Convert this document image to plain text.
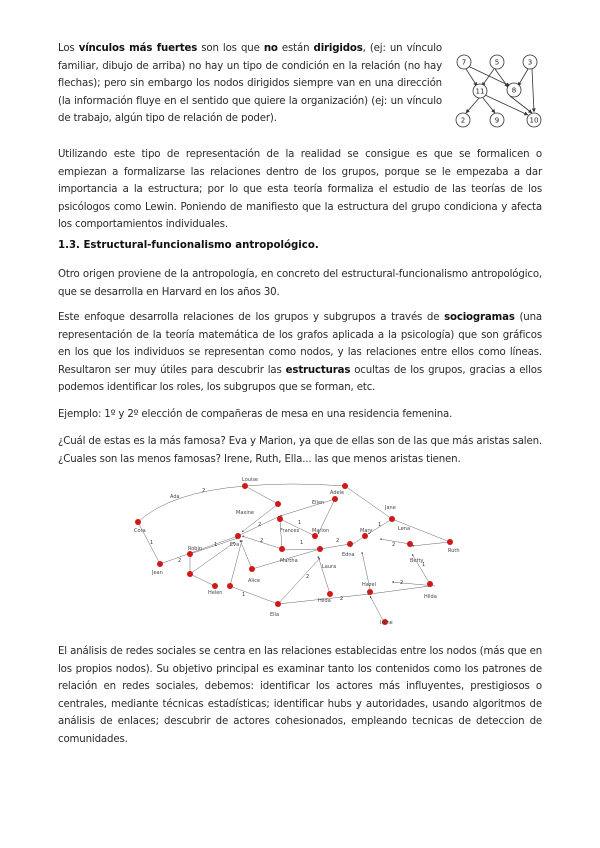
Los vínculos más fuertes son los que no están dirigidos, (ej: un vínculo familiar, dibujo de arriba) no hay un tipo de condición en la relación (no hay flechas); pero sin embargo los nodos dirigidos siempre van en una dirección (la información fluye en el sentido que quiere la organización) (ej: un vínculo de trabajo, algún tipo de relación de poder).

7	5	3
11	8
2	9	10

Utilizando este tipo de representación de la realidad se consigue es que se formalicen o empiezan a formalizarse las relaciones dentro de los grupos, porque se le empezaba a dar importancia a la estructura; por lo que esta teoría formaliza el estudio de las teorías de los psicólogos como Lewin. Poniendo de manifiesto que la estructura del grupo condiciona y afecta los comportamientos individuales.

1.3. Estructural-funcionalismo antropológico.

Otro origen proviene de la antropología, en concreto del estructural-funcionalismo antropológico, que se desarrolla en Harvard en los años 30.

Este enfoque desarrolla relaciones de los grupos y subgrupos a través de sociogramas (una representación de la teoría matemática de los grafos aplicada a la psicología) que son gráficos en los que los individuos se representan como nodos, y las relaciones entre ellos como líneas. Resultaron ser muy útiles para descubrir las estructuras ocultas de los grupos, gracias a ellos podemos identificar los roles, los subgrupos que se forman, etc.

Ejemplo: 1º y 2º elección de compañeras de mesa en una residencia femenina.

¿Cuál de estas es la más famosa? Eva y Marion, ya que de ellas son de las que más aristas salen. ¿Cuales son las menos famosas? Irene, Ruth, Ella... las que menos aristas tienen.

Louise
Ada
Cora
Jean
Robin
Eva
Helen
Alice
Martha
Marion
Frances
Adele
Maxine
Laura
Ella
Hilda
Jane
Mary
Edna
Betty
Ruth
Hazel
Hilda
Irene
Ellen
Lena
2
1
2
1
2	1
2	1	2
1
2
1
2
2
1
2

El análisis de redes sociales se centra en las relaciones establecidas entre los nodos (más que en los propios nodos). Su objetivo principal es examinar tanto los contenidos como los patrones de relación en redes sociales, debemos: identificar los actores más influyentes, prestigiosos o centrales, mediante técnicas estadísticas; identificar hubs y autoridades, usando algoritmos de análisis de enlaces; descubrir de actores cohesionados, empleando tecnicas de deteccion de comunidades.
